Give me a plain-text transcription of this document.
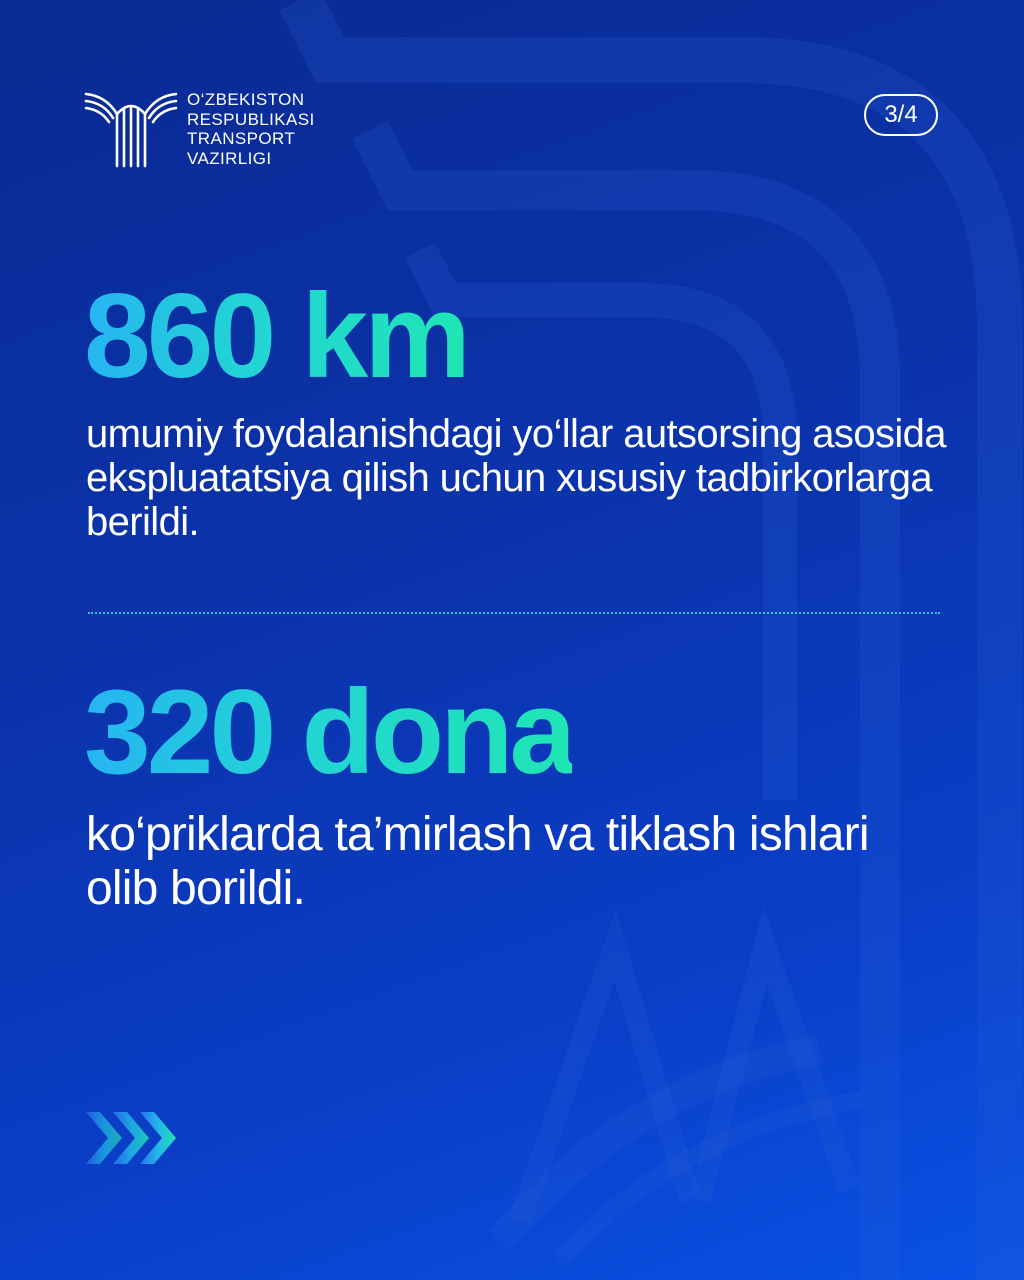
O‘ZBEKISTON
RESPUBLIKASI
TRANSPORT
VAZIRLIGI
3/4
860 km
umumiy foydalanishdagi yo‘llar autsorsing asosida ekspluatatsiya qilish uchun xususiy tadbirkorlarga berildi.
320 dona
ko‘priklarda ta’mirlash va tiklash ishlari olib borildi.
